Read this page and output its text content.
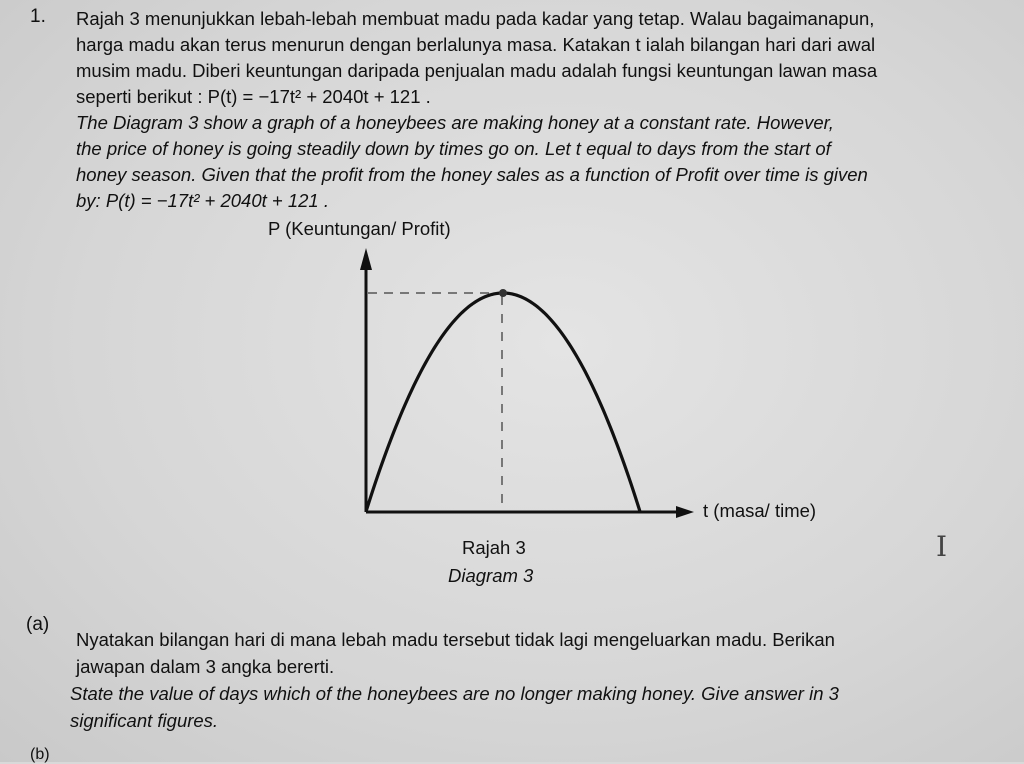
1. Rajah 3 menunjukkan lebah-lebah membuat madu pada kadar yang tetap. Walau bagaimanapun,
harga madu akan terus menurun dengan berlalunya masa. Katakan t ialah bilangan hari dari awal
musim madu. Diberi keuntungan daripada penjualan madu adalah fungsi keuntungan lawan masa
seperti berikut : P(t) = −17t² + 2040t + 121 .
The Diagram 3 show a graph of a honeybees are making honey at a constant rate. However,
the price of honey is going steadily down by times go on. Let t equal to days from the start of
honey season. Given that the profit from the honey sales as a function of Profit over time is given
by: P(t) = −17t² + 2040t + 121 .
P (Keuntungan/ Profit)
t (masa/ time)
Rajah 3
Diagram 3
I
(a)
Nyatakan bilangan hari di mana lebah madu tersebut tidak lagi mengeluarkan madu. Berikan
jawapan dalam 3 angka bererti.
State the value of days which of the honeybees are no longer making honey. Give answer in 3
significant figures.
(b)
